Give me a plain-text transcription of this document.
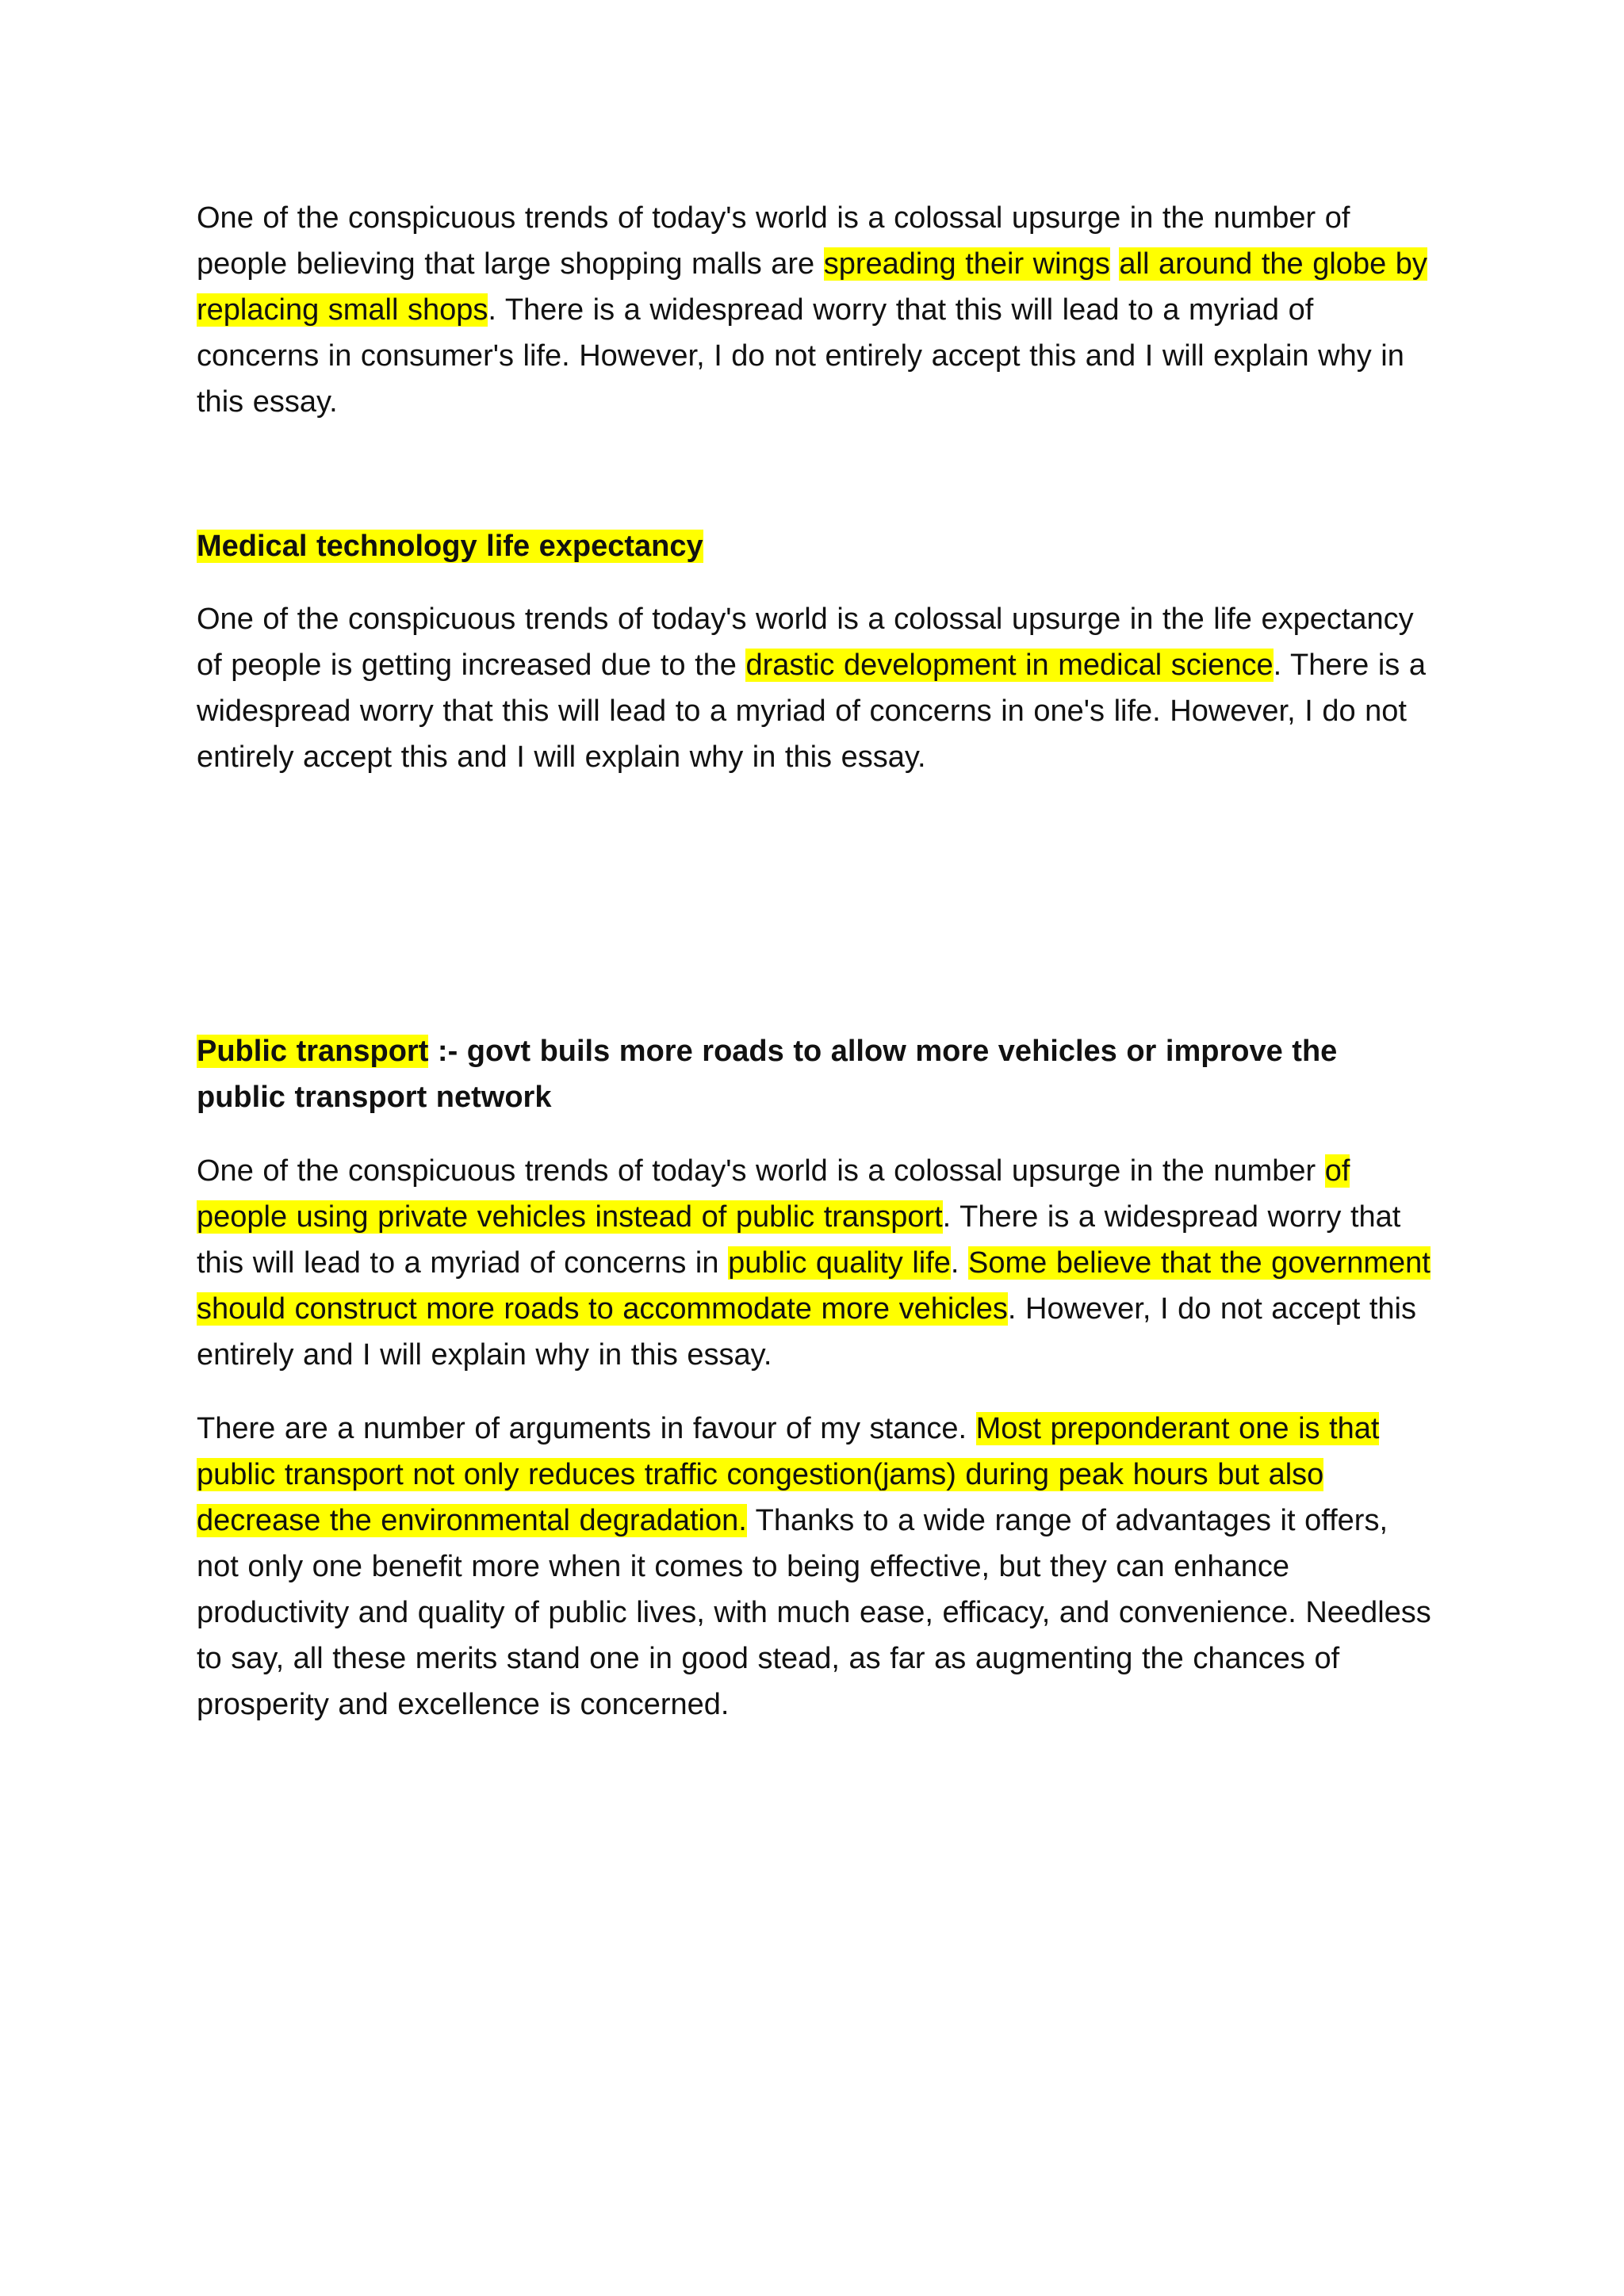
One of the conspicuous trends of today's world is a colossal upsurge in the number of people believing that large shopping malls are spreading their wings all around the globe by replacing small shops. There is a widespread worry that this will lead to a myriad of concerns in consumer's life. However, I do not entirely accept this and I will explain why in this essay.

Medical technology life expectancy

One of the conspicuous trends of today's world is a colossal upsurge in the life expectancy of people is getting increased due to the drastic development in medical science. There is a widespread worry that this will lead to a myriad of concerns in one's life. However, I do not entirely accept this and I will explain why in this essay.

Public transport :- govt buils more roads to allow more vehicles or improve the public transport network

One of the conspicuous trends of today's world is a colossal upsurge in the number of people using private vehicles instead of public transport. There is a widespread worry that this will lead to a myriad of concerns in public quality life. Some believe that the government should construct more roads to accommodate more vehicles. However, I do not accept this entirely and I will explain why in this essay.

There are a number of arguments in favour of my stance. Most preponderant one is that public transport not only reduces traffic congestion(jams) during peak hours but also decrease the environmental degradation. Thanks to a wide range of advantages it offers, not only one benefit more when it comes to being effective, but they can enhance productivity and quality of public lives, with much ease, efficacy, and convenience. Needless to say, all these merits stand one in good stead, as far as augmenting the chances of prosperity and excellence is concerned.
